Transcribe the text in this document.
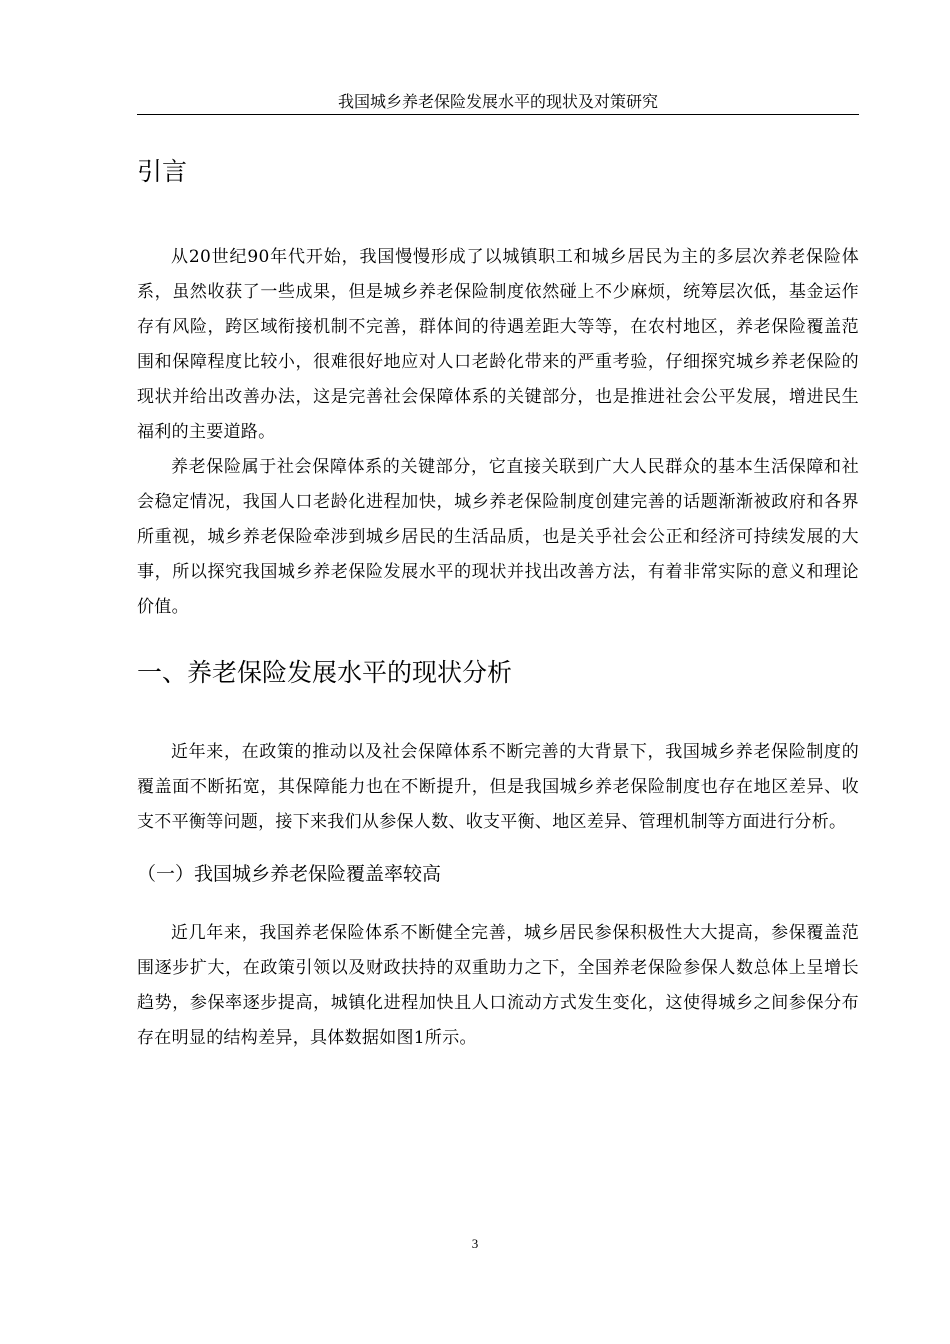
我国城乡养老保险发展水平的现状及对策研究
引言

从20世纪90年代开始，我国慢慢形成了以城镇职工和城乡居民为主的多层次养老保险体系，虽然收获了一些成果，但是城乡养老保险制度依然碰上不少麻烦，统筹层次低，基金运作存有风险，跨区域衔接机制不完善，群体间的待遇差距大等等，在农村地区，养老保险覆盖范围和保障程度比较小，很难很好地应对人口老龄化带来的严重考验，仔细探究城乡养老保险的现状并给出改善办法，这是完善社会保障体系的关键部分，也是推进社会公平发展，增进民生福利的主要道路。

养老保险属于社会保障体系的关键部分，它直接关联到广大人民群众的基本生活保障和社会稳定情况，我国人口老龄化进程加快，城乡养老保险制度创建完善的话题渐渐被政府和各界所重视，城乡养老保险牵涉到城乡居民的生活品质，也是关乎社会公正和经济可持续发展的大事，所以探究我国城乡养老保险发展水平的现状并找出改善方法，有着非常实际的意义和理论价值。

一、养老保险发展水平的现状分析

近年来，在政策的推动以及社会保障体系不断完善的大背景下，我国城乡养老保险制度的覆盖面不断拓宽，其保障能力也在不断提升，但是我国城乡养老保险制度也存在地区差异、收支不平衡等问题，接下来我们从参保人数、收支平衡、地区差异、管理机制等方面进行分析。

（一）我国城乡养老保险覆盖率较高

近几年来，我国养老保险体系不断健全完善，城乡居民参保积极性大大提高，参保覆盖范围逐步扩大，在政策引领以及财政扶持的双重助力之下，全国养老保险参保人数总体上呈增长趋势，参保率逐步提高，城镇化进程加快且人口流动方式发生变化，这使得城乡之间参保分布存在明显的结构差异，具体数据如图1所示。

3
